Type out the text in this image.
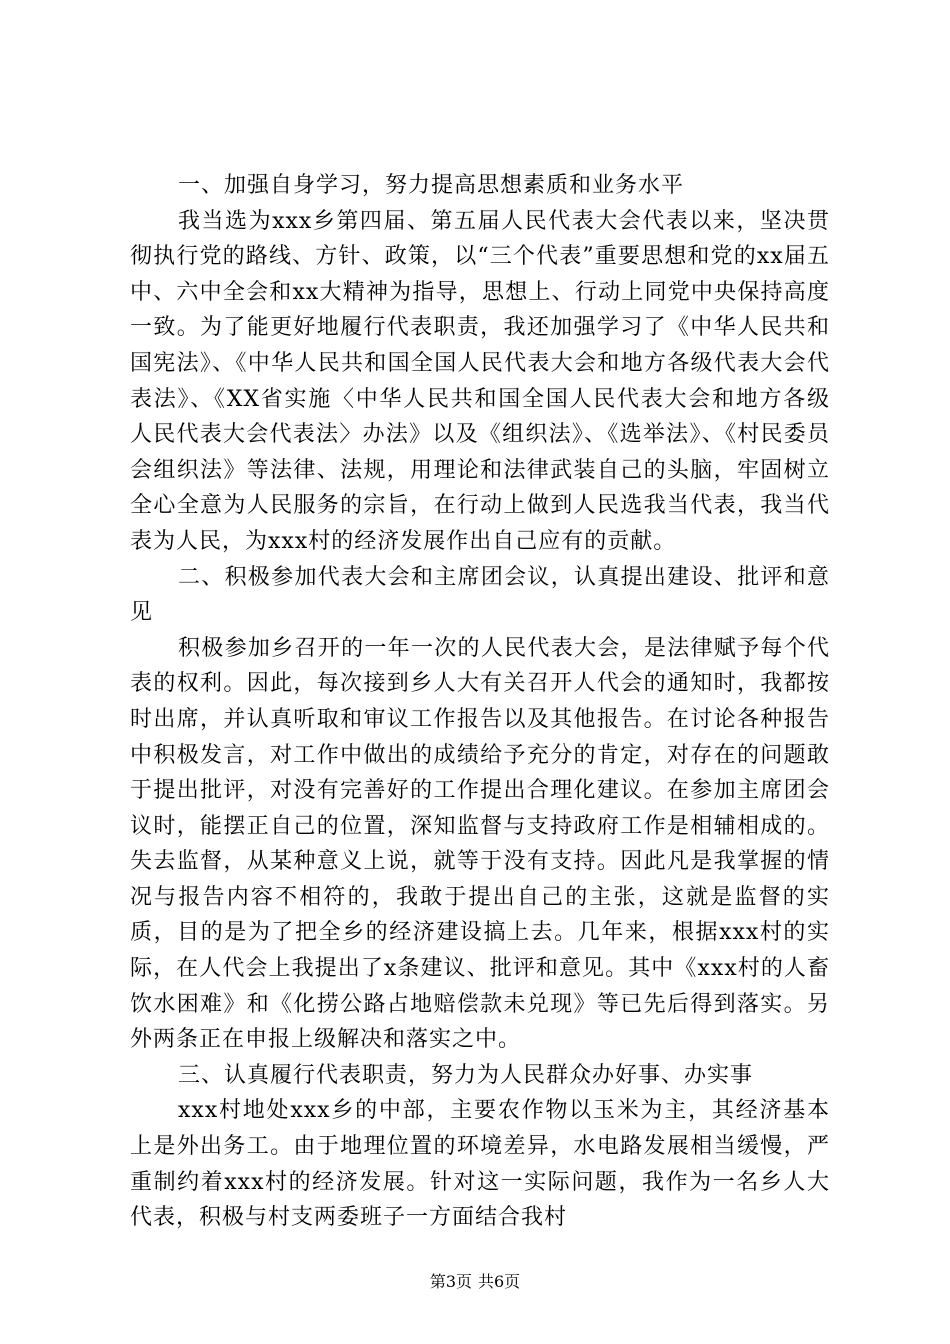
一、加强自身学习，努力提高思想素质和业务水平

我当选为xxx乡第四届、第五届人民代表大会代表以来，坚决贯彻执行党的路线、方针、政策，以“三个代表”重要思想和党的xx届五中、六中全会和xx大精神为指导，思想上、行动上同党中央保持高度一致。为了能更好地履行代表职责，我还加强学习了《中华人民共和国宪法》、《中华人民共和国全国人民代表大会和地方各级代表大会代表法》、《XX省实施〈中华人民共和国全国人民代表大会和地方各级人民代表大会代表法〉办法》以及《组织法》、《选举法》、《村民委员会组织法》等法律、法规，用理论和法律武装自己的头脑，牢固树立全心全意为人民服务的宗旨，在行动上做到人民选我当代表，我当代表为人民，为xxx村的经济发展作出自己应有的贡献。

二、积极参加代表大会和主席团会议，认真提出建设、批评和意见

积极参加乡召开的一年一次的人民代表大会，是法律赋予每个代表的权利。因此，每次接到乡人大有关召开人代会的通知时，我都按时出席，并认真听取和审议工作报告以及其他报告。在讨论各种报告中积极发言，对工作中做出的成绩给予充分的肯定，对存在的问题敢于提出批评，对没有完善好的工作提出合理化建议。在参加主席团会议时，能摆正自己的位置，深知监督与支持政府工作是相辅相成的。失去监督，从某种意义上说，就等于没有支持。因此凡是我掌握的情况与报告内容不相符的，我敢于提出自己的主张，这就是监督的实质，目的是为了把全乡的经济建设搞上去。几年来，根据xxx村的实际，在人代会上我提出了x条建议、批评和意见。其中《xxx村的人畜饮水困难》和《化捞公路占地赔偿款未兑现》等已先后得到落实。另外两条正在申报上级解决和落实之中。

三、认真履行代表职责，努力为人民群众办好事、办实事

xxx村地处xxx乡的中部，主要农作物以玉米为主，其经济基本上是外出务工。由于地理位置的环境差异，水电路发展相当缓慢，严重制约着xxx村的经济发展。针对这一实际问题，我作为一名乡人大代表，积极与村支两委班子一方面结合我村

第3页 共6页
